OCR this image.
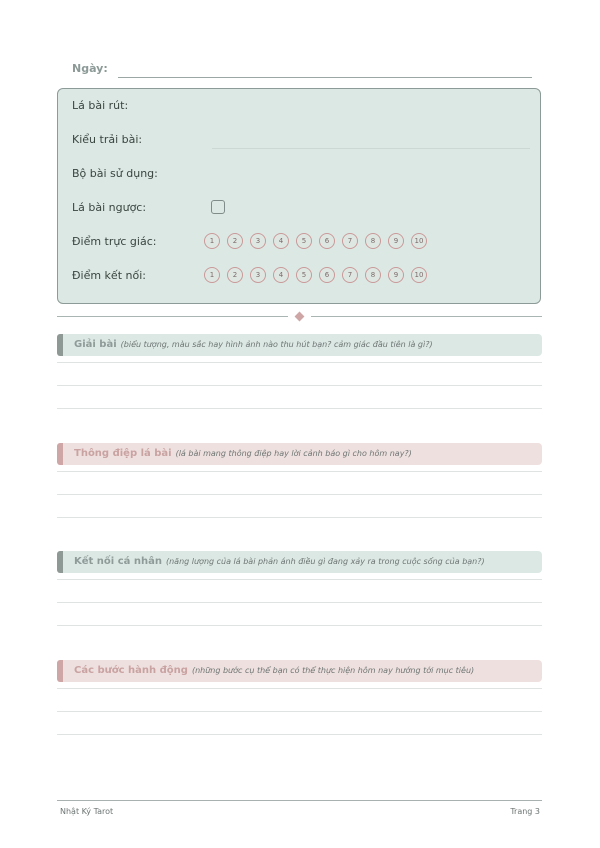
Ngày:
Lá bài rút:
Kiểu trải bài:
Bộ bài sử dụng:
Lá bài ngược:
Điểm trực giác:	1	2	3	4	5	6	7	8	9	10
Điểm kết nối:	1	2	3	4	5	6	7	8	9	10
Giải bài (biểu tượng, màu sắc hay hình ảnh nào thu hút bạn? cảm giác đầu tiên là gì?)
Thông điệp lá bài (lá bài mang thông điệp hay lời cảnh báo gì cho hôm nay?)
Kết nối cá nhân (năng lượng của lá bài phản ánh điều gì đang xảy ra trong cuộc sống của bạn?)
Các bước hành động (những bước cụ thể bạn có thể thực hiện hôm nay hướng tới mục tiêu)
Nhật Ký Tarot	Trang 3
